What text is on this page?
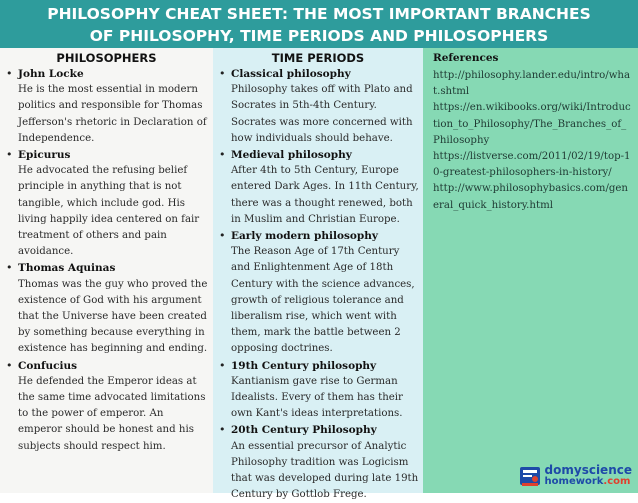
PHILOSOPHY CHEAT SHEET: THE MOST IMPORTANT BRANCHES
OF PHILOSOPHY, TIME PERIODS AND PHILOSOPHERS
PHILOSOPHERS
• John Locke
He is the most essential in modern politics and responsible for Thomas Jefferson's rhetoric in Declaration of Independence.
• Epicurus
He advocated the refusing belief principle in anything that is not tangible, which include god. His living happily idea centered on fair treatment of others and pain avoidance.
• Thomas Aquinas
Thomas was the guy who proved the existence of God with his argument that the Universe have been created by something because everything in existence has beginning and ending.
• Confucius
He defended the Emperor ideas at the same time advocated limitations to the power of emperor. An emperor should be honest and his subjects should respect him.
TIME PERIODS
• Classical philosophy
Philosophy takes off with Plato and Socrates in 5th-4th Century. Socrates was more concerned with how individuals should behave.
• Medieval philosophy
After 4th to 5th Century, Europe entered Dark Ages. In 11th Century, there was a thought renewed, both in Muslim and Christian Europe.
• Early modern philosophy
The Reason Age of 17th Century and Enlightenment Age of 18th Century with the science advances, growth of religious tolerance and liberalism rise, which went with them, mark the battle between 2 opposing doctrines.
• 19th Century philosophy
Kantianism gave rise to German Idealists. Every of them has their own Kant's ideas interpretations.
• 20th Century Philosophy
An essential precursor of Analytic Philosophy tradition was Logicism that was developed during late 19th Century by Gottlob Frege.
References
http://philosophy.lander.edu/intro/what.shtml
https://en.wikibooks.org/wiki/Introduction_to_Philosophy/The_Branches_of_Philosophy
https://listverse.com/2011/02/19/top-10-greatest-philosophers-in-history/
http://www.philosophybasics.com/general_quick_history.html
domyscience
homework .com
